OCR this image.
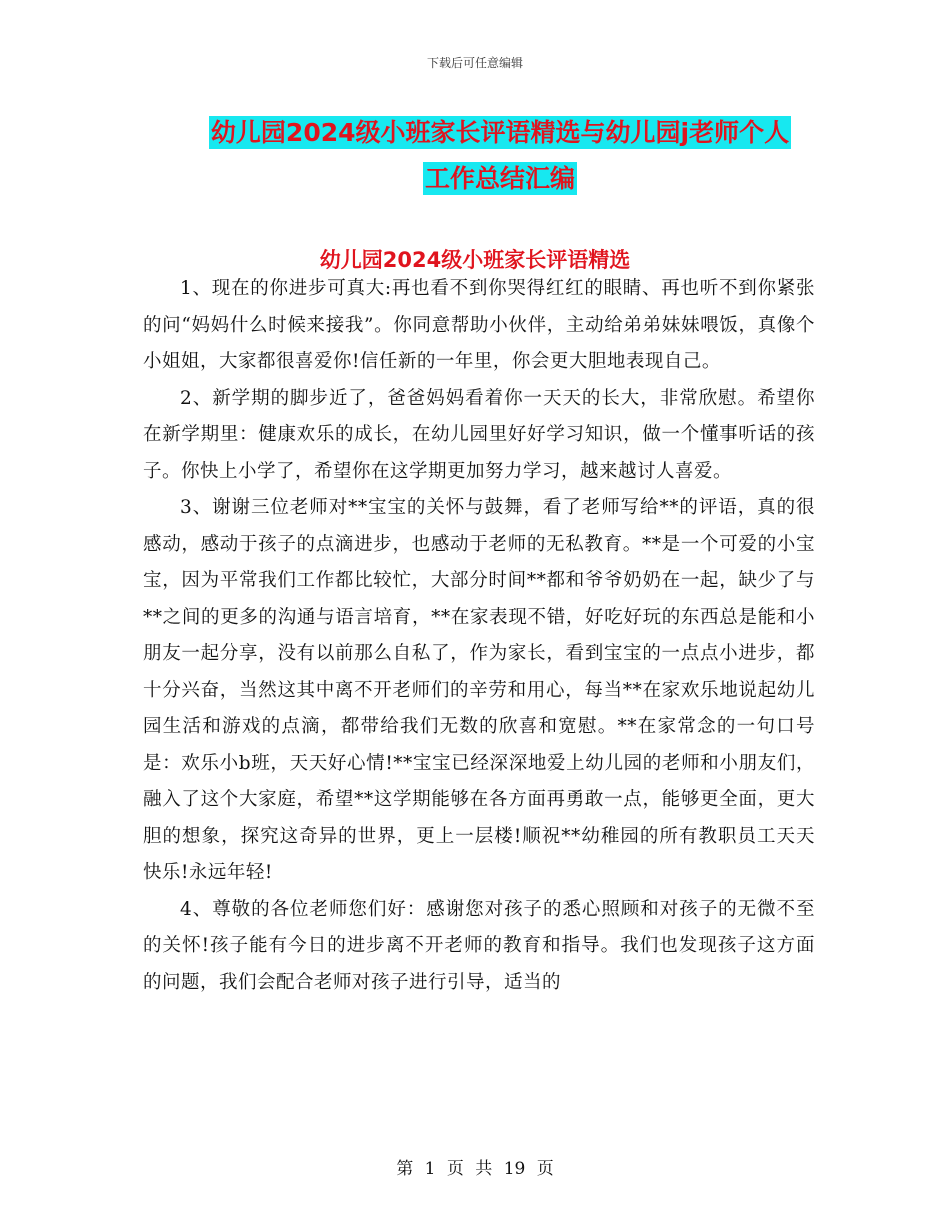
下载后可任意编辑
幼儿园2024级小班家长评语精选与幼儿园j老师个人
工作总结汇编
幼儿园2024级小班家长评语精选

1、现在的你进步可真大:再也看不到你哭得红红的眼睛、再也听不到你紧张的问“妈妈什么时候来接我”。你同意帮助小伙伴，主动给弟弟妹妹喂饭，真像个小姐姐，大家都很喜爱你!信任新的一年里，你会更大胆地表现自己。

2、新学期的脚步近了，爸爸妈妈看着你一天天的长大，非常欣慰。希望你在新学期里：健康欢乐的成长，在幼儿园里好好学习知识，做一个懂事听话的孩子。你快上小学了，希望你在这学期更加努力学习，越来越讨人喜爱。

3、谢谢三位老师对**宝宝的关怀与鼓舞，看了老师写给**的评语，真的很感动，感动于孩子的点滴进步，也感动于老师的无私教育。**是一个可爱的小宝宝，因为平常我们工作都比较忙，大部分时间**都和爷爷奶奶在一起，缺少了与**之间的更多的沟通与语言培育，**在家表现不错，好吃好玩的东西总是能和小朋友一起分享，没有以前那么自私了，作为家长，看到宝宝的一点点小进步，都十分兴奋，当然这其中离不开老师们的辛劳和用心，每当**在家欢乐地说起幼儿园生活和游戏的点滴，都带给我们无数的欣喜和宽慰。**在家常念的一句口号是：欢乐小b班，天天好心情!**宝宝已经深深地爱上幼儿园的老师和小朋友们，融入了这个大家庭，希望**这学期能够在各方面再勇敢一点，能够更全面，更大胆的想象，探究这奇异的世界，更上一层楼!顺祝**幼稚园的所有教职员工天天快乐!永远年轻!

4、尊敬的各位老师您们好：感谢您对孩子的悉心照顾和对孩子的无微不至的关怀!孩子能有今日的进步离不开老师的教育和指导。我们也发现孩子这方面的问题，我们会配合老师对孩子进行引导，适当的

第 1 页 共 19 页
